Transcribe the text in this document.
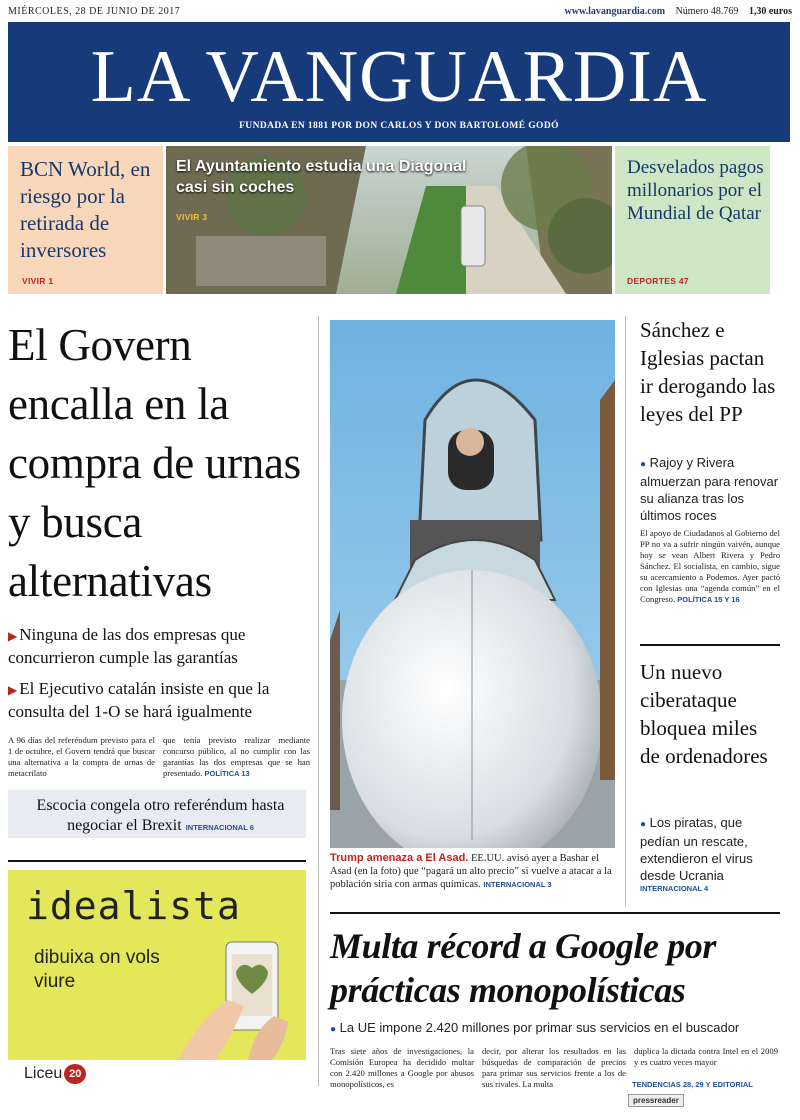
MIÉRCOLES, 28 DE JUNIO DE 2017	www.lavanguardia.com Número 48.769 1,30 euros
LA VANGUARDIA
FUNDADA EN 1881 POR DON CARLOS Y DON BARTOLOMÉ GODÓ
BCN World, en riesgo por la retirada de inversores
VIVIR 1
El Ayuntamiento estudia una Diagonal casi sin coches
VIVIR 3
Desvelados pagos millonarios por el Mundial de Qatar
DEPORTES 47
El Govern encalla en la compra de urnas y busca alternativas
▶ Ninguna de las dos empresas que concurrieron cumple las garantías
▶ El Ejecutivo catalán insiste en que la consulta del 1-O se hará igualmente

A 96 días del referéndum previsto para el 1 de octubre, el Govern tendrá que buscar una alternativa a la compra de urnas de metacrilato

que tenía previsto realizar mediante concurso público, al no cumplir con las garantías las dos empresas que se han presentado. POLÍTICA 13

Escocia congela otro referéndum hasta negociar el Brexit INTERNACIONAL 6
idealista
dibuixa on vols viure
Liceu 20
Trump amenaza a El Asad. EE.UU. avisó ayer a Bashar el Asad (en la foto) que “pagará un alto precio” si vuelve a atacar a la población siria con armas químicas. INTERNACIONAL 3
Sánchez e Iglesias pactan ir derogando las leyes del PP
● Rajoy y Rivera almuerzan para renovar su alianza tras los últimos roces
El apoyo de Ciudadanos al Gobierno del PP no va a sufrir ningún vaivén, aunque hoy se vean Albert Rivera y Pedro Sánchez. El socialista, en cambio, sigue su acercamiento a Podemos. Ayer pactó con Iglesias una “agenda común” en el Congreso. POLÍTICA 15 Y 16
Un nuevo ciberataque bloquea miles de ordenadores
● Los piratas, que pedían un rescate, extendieron el virus desde Ucrania
INTERNACIONAL 4
Multa récord a Google por prácticas monopolísticas
● La UE impone 2.420 millones por primar sus servicios en el buscador

Tras siete años de investigaciones, la Comisión Europea ha decidido multar con 2.420 millones a Google por abusos monopolísticos, es

decir, por alterar los resultados en las búsquedas de comparación de precios para primar sus servicios frente a los de sus rivales. La multa

duplica la dictada contra Intel en el 2009 y es cuatro veces mayor

TENDENCIAS 28, 29 Y EDITORIAL
pressreader
